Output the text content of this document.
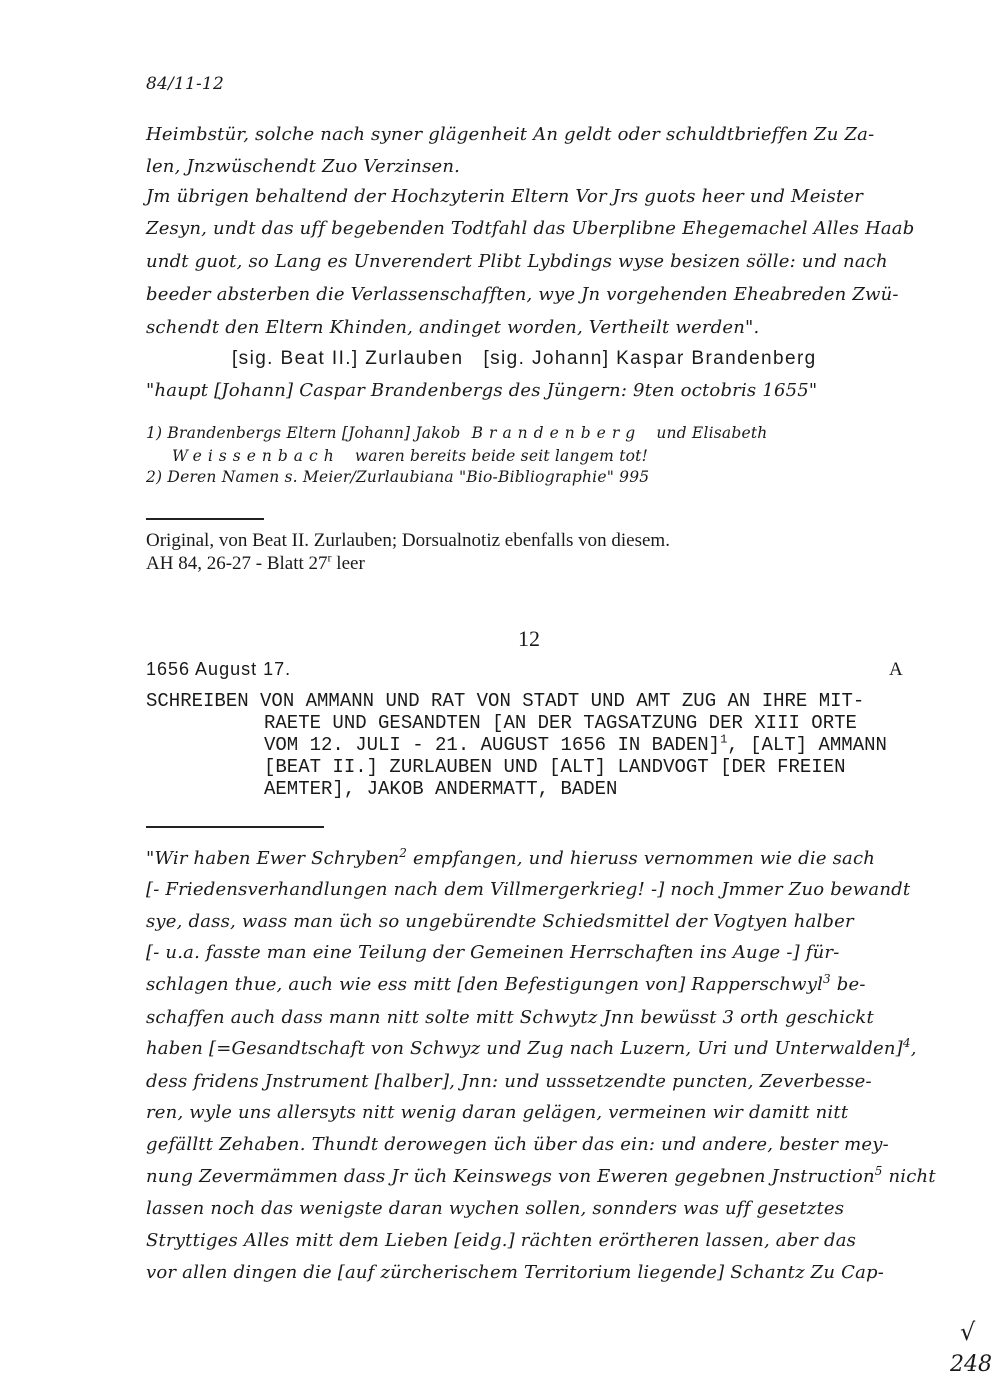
84/11-12
Heimbstür, solche nach syner glägenheit An geldt oder schuldtbrieffen Zu Za-
len, Jnzwüschendt Zuo Verzinsen.
Jm übrigen behaltend der Hochzyterin Eltern Vor Jrs guots heer und Meister
Zesyn, undt das uff begebenden Todtfahl das Uberplibne Ehegemachel Alles Haab
undt guot, so Lang es Unverendert Plibt Lybdings wyse besizen sölle: und nach
beeder absterben die Verlassenschafften, wye Jn vorgehenden Eheabreden Zwü-
schendt den Eltern Khinden, andinget worden, Vertheilt werden".
[sig. Beat II.] Zurlauben   [sig. Johann] Kaspar Brandenberg
"haupt [Johann] Caspar Brandenbergs des Jüngern: 9ten octobris 1655"
1) Brandenbergs Eltern [Johann] Jakob Brandenberg und Elisabeth
Weissenbach waren bereits beide seit langem tot!
2) Deren Namen s. Meier/Zurlaubiana "Bio-Bibliographie" 995
Original, von Beat II. Zurlauben; Dorsualnotiz ebenfalls von diesem.
AH 84, 26-27 - Blatt 27$^r$ leer
12
1656 August 17.	A
SCHREIBEN VON AMMANN UND RAT VON STADT UND AMT ZUG AN IHRE MIT-
RAETE UND GESANDTEN [AN DER TAGSATZUNG DER XIII ORTE
VOM 12. JULI - 21. AUGUST 1656 IN BADEN]$^1$, [ALT] AMMANN
[BEAT II.] ZURLAUBEN UND [ALT] LANDVOGT [DER FREIEN
AEMTER], JAKOB ANDERMATT, BADEN
"Wir haben Ewer Schryben$^2$ empfangen, und hieruss vernommen wie die sach
[- Friedensverhandlungen nach dem Villmergerkrieg! -] noch Jmmer Zuo bewandt
sye, dass, wass man üch so ungebürendte Schiedsmittel der Vogtyen halber
[- u.a. fasste man eine Teilung der Gemeinen Herrschaften ins Auge -] für-
schlagen thue, auch wie ess mitt [den Befestigungen von] Rapperschwyl$^3$ be-
schaffen auch dass mann nitt solte mitt Schwytz Jnn bewüsst 3 orth geschickt
haben [=Gesandtschaft von Schwyz und Zug nach Luzern, Uri und Unterwalden]$^4$,
dess fridens Jnstrument [halber], Jnn: und usssetzendte puncten, Zeverbesse-
ren, wyle uns allersyts nitt wenig daran gelägen, vermeinen wir damitt nitt
gefälltt Zehaben. Thundt derowegen üch über das ein: und andere, bester mey-
nung Zevermämmen dass Jr üch Keinswegs von Eweren gegebnen Jnstruction$^5$ nicht
lassen noch das wenigste daran wychen sollen, sonnders was uff gesetztes
Stryttiges Alles mitt dem Lieben [eidg.] rächten erörtheren lassen, aber das
vor allen dingen die [auf zürcherischem Territorium liegende] Schantz Zu Cap-
√
248
